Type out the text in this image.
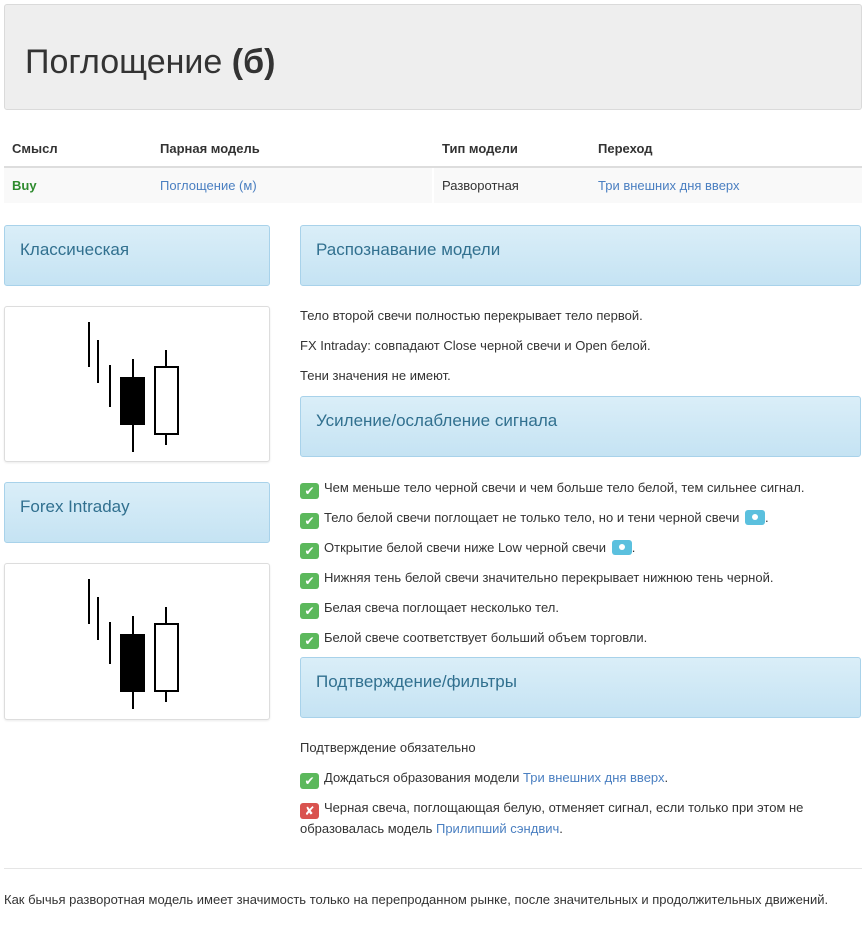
Поглощение (б)
Смысл	Парная модель	Тип модели	Переход
Buy	Поглощение (м)	Разворотная	Три внешних дня вверх
Классическая
Forex Intraday
Распознавание модели
Тело второй свечи полностью перекрывает тело первой.
FX Intraday: совпадают Close черной свечи и Open белой.
Тени значения не имеют.
Усиление/ослабление сигнала
✔ Чем меньше тело черной свечи и чем больше тело белой, тем сильнее сигнал.
✔ Тело белой свечи поглощает не только тело, но и тени черной свечи .
✔ Открытие белой свечи ниже Low черной свечи .
✔ Нижняя тень белой свечи значительно перекрывает нижнюю тень черной.
✔ Белая свеча поглощает несколько тел.
✔ Белой свече соответствует больший объем торговли.
Подтверждение/фильтры
Подтверждение обязательно
✔ Дождаться образования модели Три внешних дня вверх.
✘ Черная свеча, поглощающая белую, отменяет сигнал, если только при этом не образовалась модель Прилипший сэндвич.
Как бычья разворотная модель имеет значимость только на перепроданном рынке, после значительных и продолжительных движений.
